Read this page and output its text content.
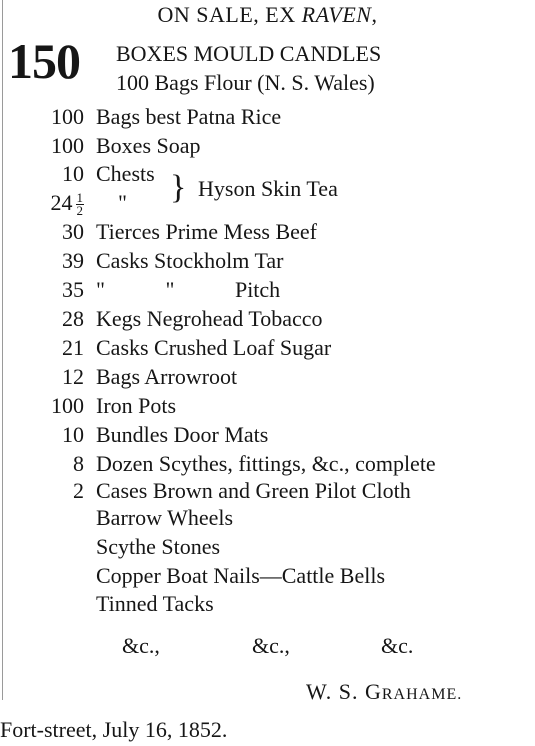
ON SALE, EX RAVEN,
150 BOXES MOULD CANDLES
100 Bags Flour (N. S. Wales)
100 Bags best Patna Rice
100 Boxes Soap
10 Chests
$24 \frac{1}{2}$ " } Hyson Skin Tea
30 Tierces Prime Mess Beef
39 Casks Stockholm Tar
35 "           "           Pitch
28 Kegs Negrohead Tobacco
21 Casks Crushed Loaf Sugar
12 Bags Arrowroot
100 Iron Pots
10 Bundles Door Mats
8 Dozen Scythes, fittings, &c., complete
2 Cases Brown and Green Pilot Cloth
Barrow Wheels
Scythe Stones
Copper Boat Nails—Cattle Bells
Tinned Tacks
&c.,	&c.,	&c.
W. S. GRAHAME.
Fort-street, July 16, 1852.
